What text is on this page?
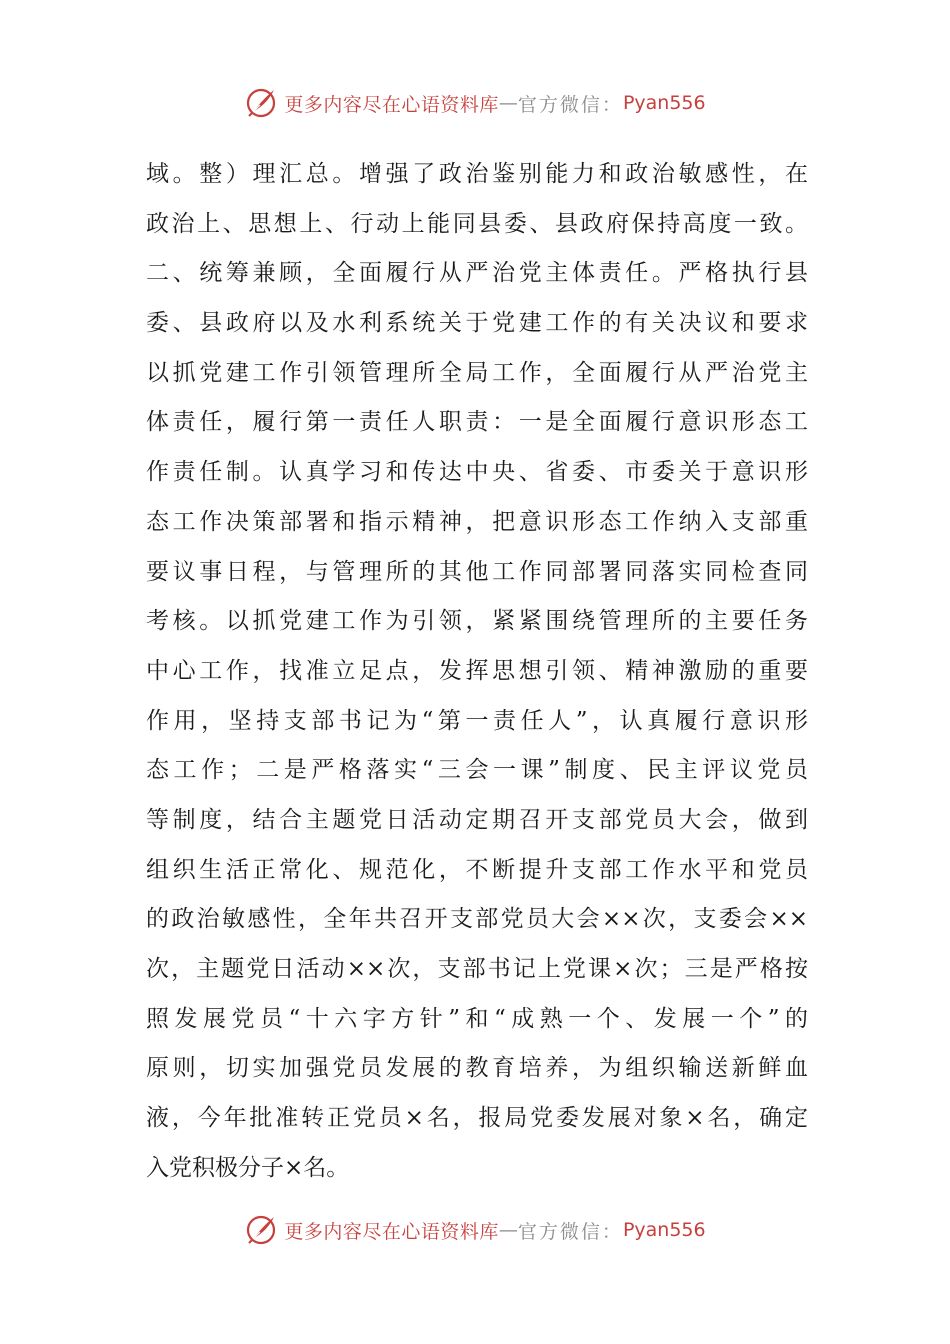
更多内容尽在心语资料库 — 官方微信： Pyan556
域。整）理汇总。增强了政治鉴别能力和政治敏感性，在
政治上、思想上、行动上能同县委、县政府保持高度一致。
二、统筹兼顾，全面履行从严治党主体责任。严格执行县
委、县政府以及水利系统关于党建工作的有关决议和要求
以抓党建工作引领管理所全局工作，全面履行从严治党主
体责任，履行第一责任人职责：一是全面履行意识形态工
作责任制。认真学习和传达中央、省委、市委关于意识形
态工作决策部署和指示精神，把意识形态工作纳入支部重
要议事日程，与管理所的其他工作同部署同落实同检查同
考核。以抓党建工作为引领，紧紧围绕管理所的主要任务
中心工作，找准立足点，发挥思想引领、精神激励的重要
作用，坚持支部书记为“第一责任人”，认真履行意识形
态工作；二是严格落实“三会一课”制度、民主评议党员
等制度，结合主题党日活动定期召开支部党员大会，做到
组织生活正常化、规范化，不断提升支部工作水平和党员
的政治敏感性，全年共召开支部党员大会××次，支委会××
次，主题党日活动××次，支部书记上党课×次；三是严格按
照发展党员“十六字方针”和“成熟一个、发展一个”的
原则，切实加强党员发展的教育培养，为组织输送新鲜血
液，今年批准转正党员×名，报局党委发展对象×名，确定
入党积极分子×名。
更多内容尽在心语资料库 — 官方微信： Pyan556
